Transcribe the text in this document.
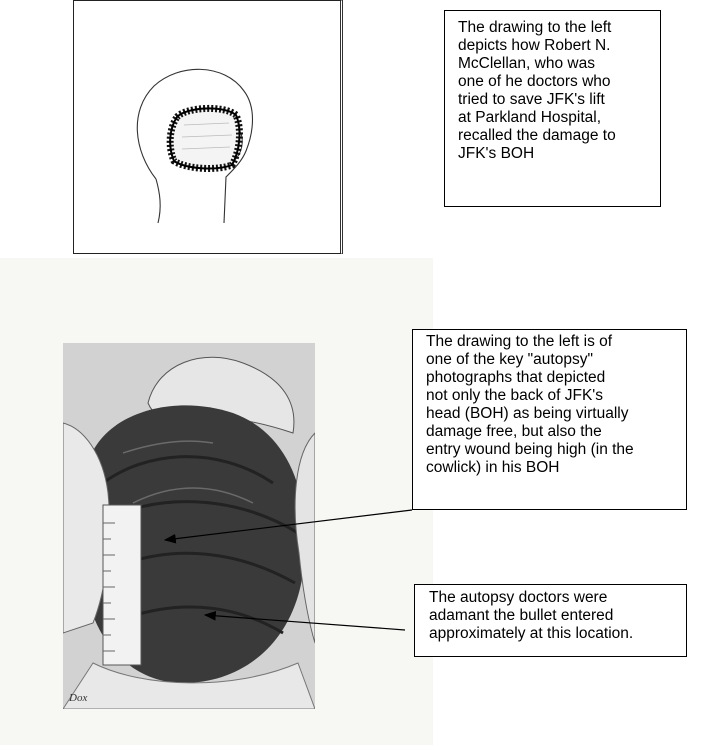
Dox
The drawing to the left
depicts how Robert N.
McClellan, who was
one of he doctors who
tried to save JFK's lift
at Parkland Hospital,
recalled the damage to
JFK's BOH
The drawing to the left is of
one of the key "autopsy"
photographs that depicted
not only the back of JFK's
head (BOH) as being virtually
damage free, but also the
entry wound being high (in the
cowlick) in his BOH
The autopsy doctors were
adamant the bullet entered
approximately at this location.
